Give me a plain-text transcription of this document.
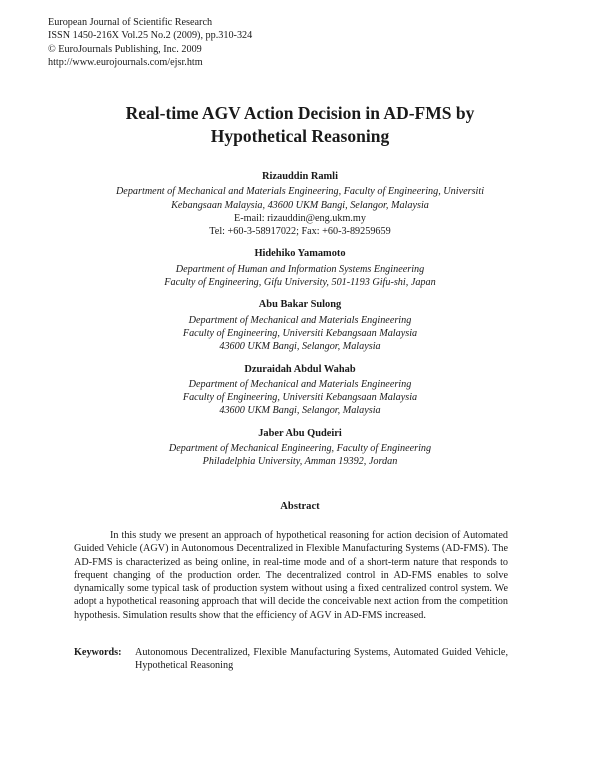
European Journal of Scientific Research
ISSN 1450-216X Vol.25 No.2 (2009), pp.310-324
© EuroJournals Publishing, Inc. 2009
http://www.eurojournals.com/ejsr.htm
Real-time AGV Action Decision in AD-FMS by
Hypothetical Reasoning
Rizauddin Ramli
Department of Mechanical and Materials Engineering, Faculty of Engineering, Universiti
Kebangsaan Malaysia, 43600 UKM Bangi, Selangor, Malaysia
E-mail: rizauddin@eng.ukm.my
Tel: +60-3-58917022; Fax: +60-3-89259659
Hidehiko Yamamoto
Department of Human and Information Systems Engineering
Faculty of Engineering, Gifu University, 501-1193 Gifu-shi, Japan
Abu Bakar Sulong
Department of Mechanical and Materials Engineering
Faculty of Engineering, Universiti Kebangsaan Malaysia
43600 UKM Bangi, Selangor, Malaysia
Dzuraidah Abdul Wahab
Department of Mechanical and Materials Engineering
Faculty of Engineering, Universiti Kebangsaan Malaysia
43600 UKM Bangi, Selangor, Malaysia
Jaber Abu Qudeiri
Department of Mechanical Engineering, Faculty of Engineering
Philadelphia University, Amman 19392, Jordan
Abstract

In this study we present an approach of hypothetical reasoning for action decision of Automated Guided Vehicle (AGV) in Autonomous Decentralized in Flexible Manufacturing Systems (AD-FMS). The AD-FMS is characterized as being online, in real-time mode and of a short-term nature that responds to frequent changing of the production order. The decentralized control in AD-FMS enables to solve dynamically some typical task of production system without using a fixed centralized control system. We adopt a hypothetical reasoning approach that will decide the conceivable next action from the competition hypothesis. Simulation results show that the efficiency of AGV in AD-FMS increased.

Keywords: Autonomous Decentralized, Flexible Manufacturing Systems, Automated Guided Vehicle, Hypothetical Reasoning
